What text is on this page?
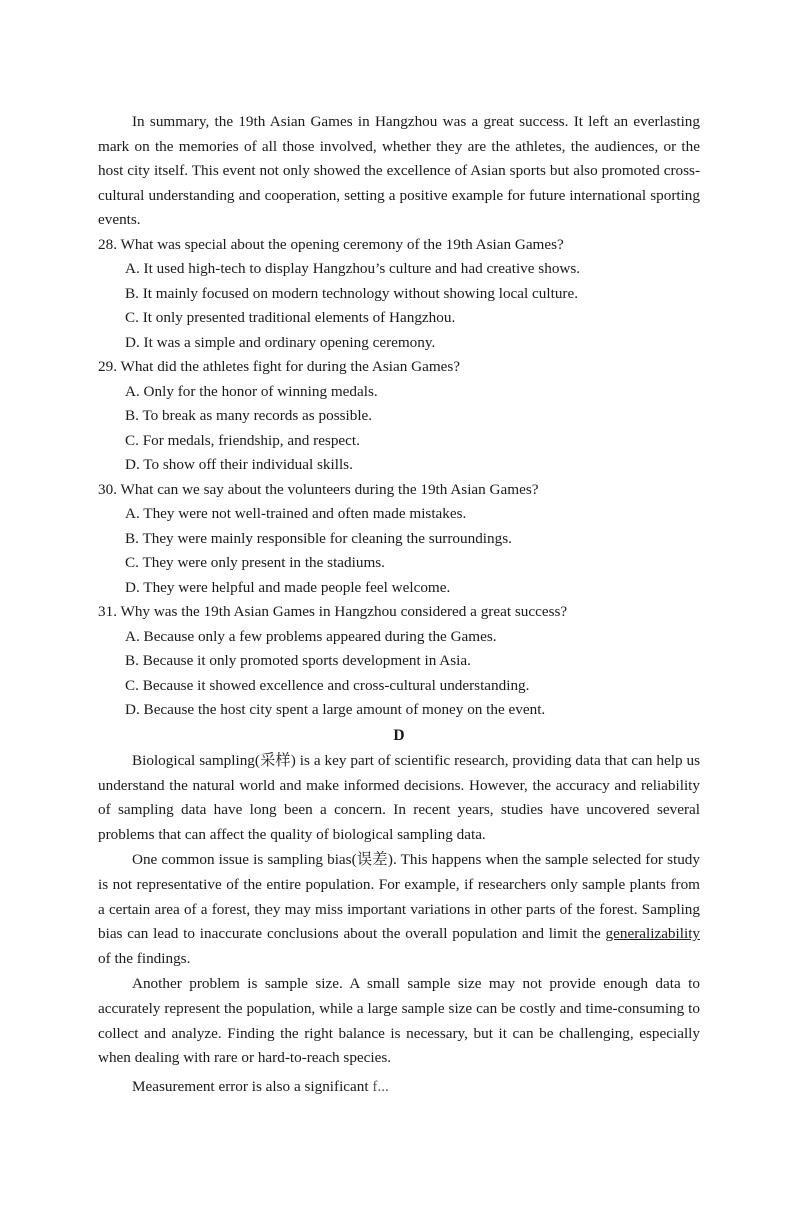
In summary, the 19th Asian Games in Hangzhou was a great success. It left an everlasting mark on the memories of all those involved, whether they are the athletes, the audiences, or the host city itself. This event not only showed the excellence of Asian sports but also promoted cross-cultural understanding and cooperation, setting a positive example for future international sporting events.

28. What was special about the opening ceremony of the 19th Asian Games?
A. It used high-tech to display Hangzhou’s culture and had creative shows.
B. It mainly focused on modern technology without showing local culture.
C. It only presented traditional elements of Hangzhou.
D. It was a simple and ordinary opening ceremony.
29. What did the athletes fight for during the Asian Games?
A. Only for the honor of winning medals.
B. To break as many records as possible.
C. For medals, friendship, and respect.
D. To show off their individual skills.
30. What can we say about the volunteers during the 19th Asian Games?
A. They were not well-trained and often made mistakes.
B. They were mainly responsible for cleaning the surroundings.
C. They were only present in the stadiums.
D. They were helpful and made people feel welcome.
31. Why was the 19th Asian Games in Hangzhou considered a great success?
A. Because only a few problems appeared during the Games.
B. Because it only promoted sports development in Asia.
C. Because it showed excellence and cross-cultural understanding.
D. Because the host city spent a large amount of money on the event.
D

Biological sampling(采样) is a key part of scientific research, providing data that can help us understand the natural world and make informed decisions. However, the accuracy and reliability of sampling data have long been a concern. In recent years, studies have uncovered several problems that can affect the quality of biological sampling data.

One common issue is sampling bias(误差). This happens when the sample selected for study is not representative of the entire population. For example, if researchers only sample plants from a certain area of a forest, they may miss important variations in other parts of the forest. Sampling bias can lead to inaccurate conclusions about the overall population and limit the generalizability of the findings.

Another problem is sample size. A small sample size may not provide enough data to accurately represent the population, while a large sample size can be costly and time-consuming to collect and analyze. Finding the right balance is necessary, but it can be challenging, especially when dealing with rare or hard-to-reach species.

Measurement error is also a significant f...
